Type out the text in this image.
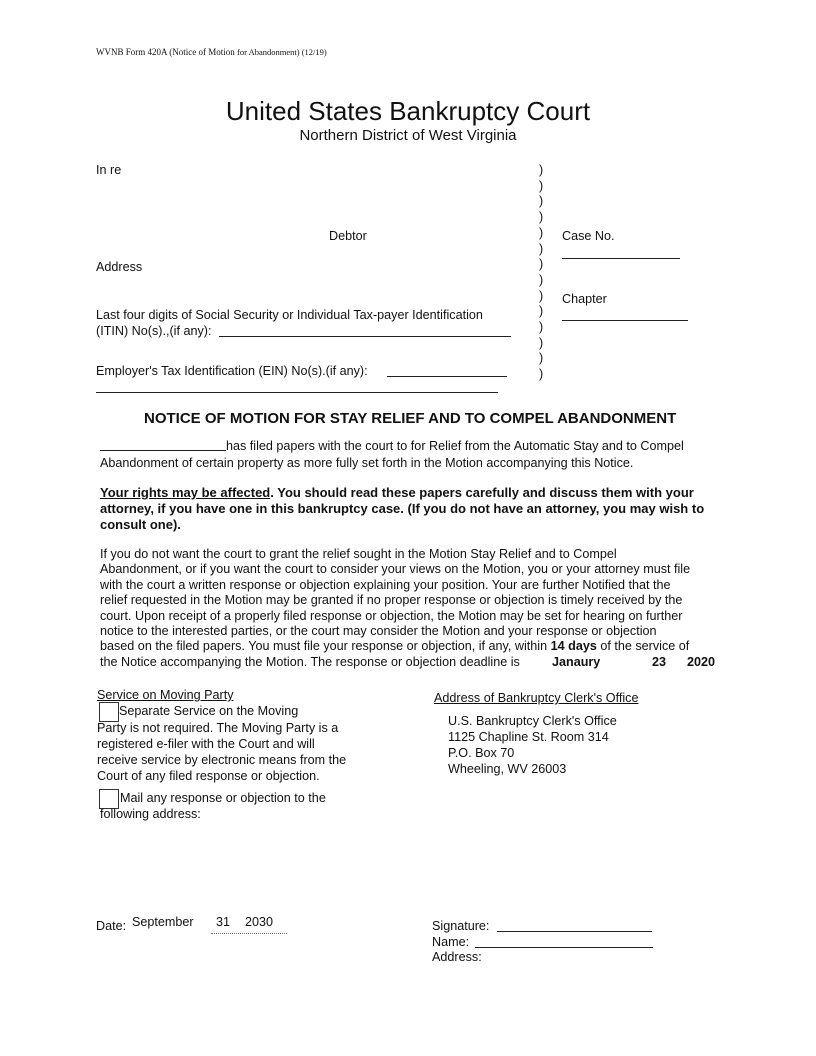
WVNB Form 420A (Notice of Motion for Abandonment) (12/19)
United States Bankruptcy Court
Northern District of West Virginia
In re
Debtor
Address
Last four digits of Social Security or Individual Tax-payer Identification
(ITIN) No(s).,(if any):
Employer's Tax Identification (EIN) No(s).(if any):
)
)
)
)
)
)
)
)
)
)
)
)
)
)
Case No.
Chapter
NOTICE OF MOTION FOR STAY RELIEF AND TO COMPEL ABANDONMENT
has filed papers with the court to for Relief from the Automatic Stay and to Compel
Abandonment of certain property as more fully set forth in the Motion accompanying this Notice.
Your rights may be affected. You should read these papers carefully and discuss them with your
attorney, if you have one in this bankruptcy case. (If you do not have an attorney, you may wish to
consult one).
If you do not want the court to grant the relief sought in the Motion Stay Relief and to Compel
Abandonment, or if you want the court to consider your views on the Motion, you or your attorney must file
with the court a written response or objection explaining your position. Your are further Notified that the
relief requested in the Motion may be granted if no proper response or objection is timely received by the
court. Upon receipt of a properly filed response or objection, the Motion may be set for hearing on further
notice to the interested parties, or the court may consider the Motion and your response or objection
based on the filed papers. You must file your response or objection, if any, within 14 days of the service of
the Notice accompanying the Motion. The response or objection deadline is	Janaury	23 2020
Service on Moving Party
Separate Service on the Moving
Party is not required. The Moving Party is a
registered e-filer with the Court and will
receive service by electronic means from the
Court of any filed response or objection.
Mail any response or objection to the
following address:
Address of Bankruptcy Clerk's Office
U.S. Bankruptcy Clerk's Office
1125 Chapline St. Room 314
P.O. Box 70
Wheeling, WV 26003
Date: September 31 2030	Signature:
Name:
Address:
